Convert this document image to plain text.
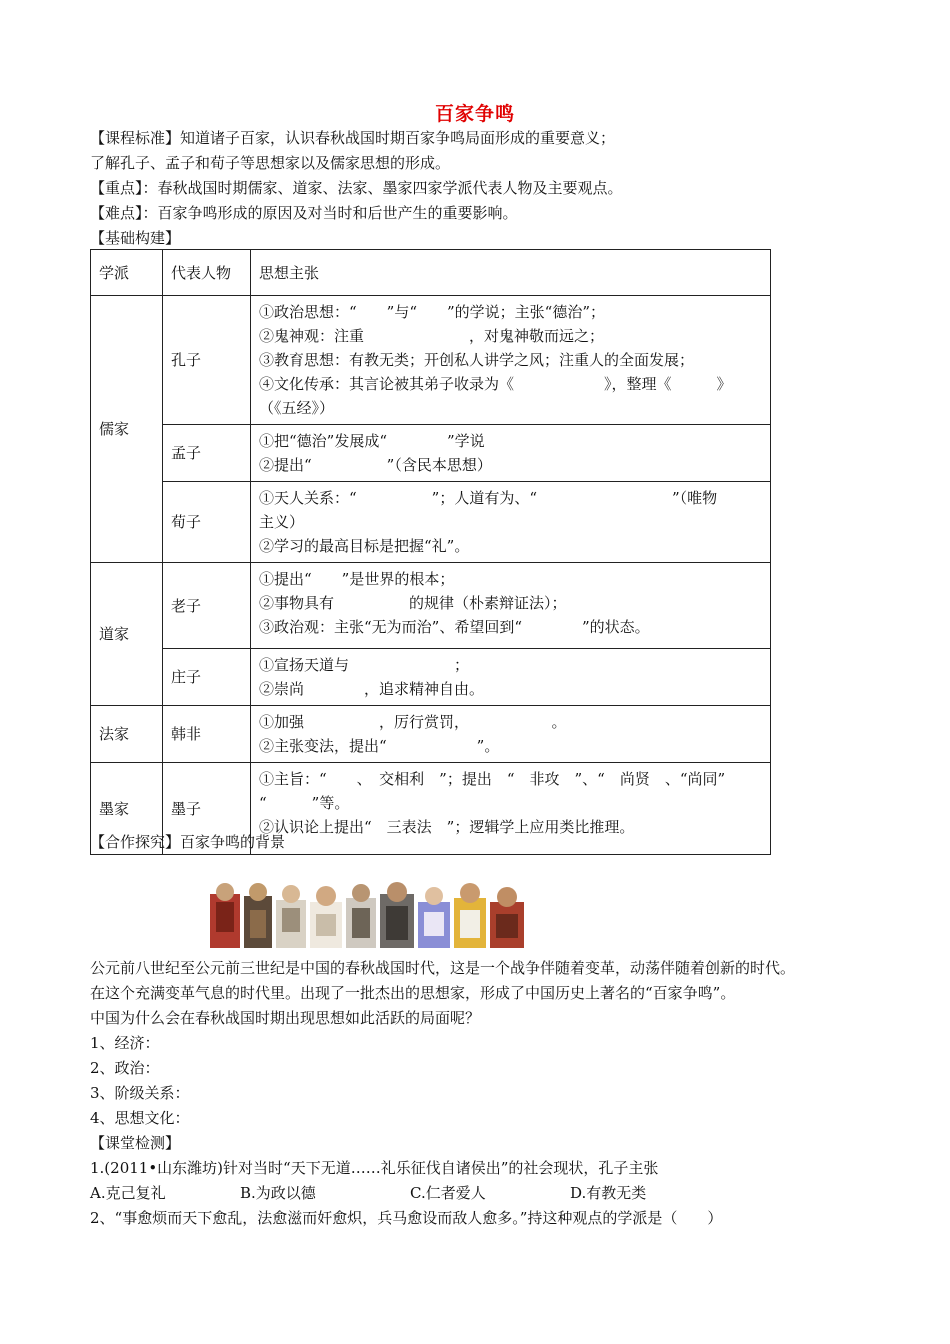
百家争鸣
【课程标准】知道诸子百家，认识春秋战国时期百家争鸣局面形成的重要意义；
了解孔子、孟子和荀子等思想家以及儒家思想的形成。
【重点】：春秋战国时期儒家、道家、法家、墨家四家学派代表人物及主要观点。
【难点】：百家争鸣形成的原因及对当时和后世产生的重要影响。
【基础构建】
学派	代表人物	思想主张
儒家	孔子	①政治思想：“　　”与“　　”的学说；主张“德治”；
②鬼神观：注重　　　　　　　，对鬼神敬而远之；
③教育思想：有教无类；开创私人讲学之风；注重人的全面发展；
④文化传承：其言论被其弟子收录为《　　　　　　》，整理《　　　》
（《五经》）

	孟子	①把“德治”发展成“　　　　”学说
②提出“　　　　　”（含民本思想）

	荀子	①天人关系：“　　　　　”；人道有为、“　　　　　　　　　”（唯物
主义）
②学习的最高目标是把握“礼”。

道家	老子	①提出“　　”是世界的根本；
②事物具有　　　　　的规律（朴素辩证法）；
③政治观：主张“无为而治”、希望回到“　　　　”的状态。

	庄子	①宣扬天道与　　　　　　　；
②崇尚　　　　，追求精神自由。

法家	韩非	①加强　　　　　，厉行赏罚，　　　　　　。
②主张变法，提出“　　　　　　”。

墨家	墨子	①主旨：“　　、　交相利　”；提出　“　非攻　”、“　尚贤　、“尚同”
“　　　”等。
②认识论上提出“　三表法　”；逻辑学上应用类比推理。
【合作探究】百家争鸣的背景
公元前八世纪至公元前三世纪是中国的春秋战国时代，这是一个战争伴随着变革，动荡伴随着创新的时代。
在这个充满变革气息的时代里。出现了一批杰出的思想家，形成了中国历史上著名的“百家争鸣”。
中国为什么会在春秋战国时期出现思想如此活跃的局面呢？
1、经济：
2、政治：
3、阶级关系：
4、思想文化：
【课堂检测】
1.(2011•山东潍坊)针对当时“天下无道……礼乐征伐自诸侯出”的社会现状，孔子主张
A.克己复礼	B.为政以德	C.仁者爱人	D.有教无类
2、“事愈烦而天下愈乱，法愈滋而奸愈炽，兵马愈设而敌人愈多。”持这种观点的学派是（　　）
